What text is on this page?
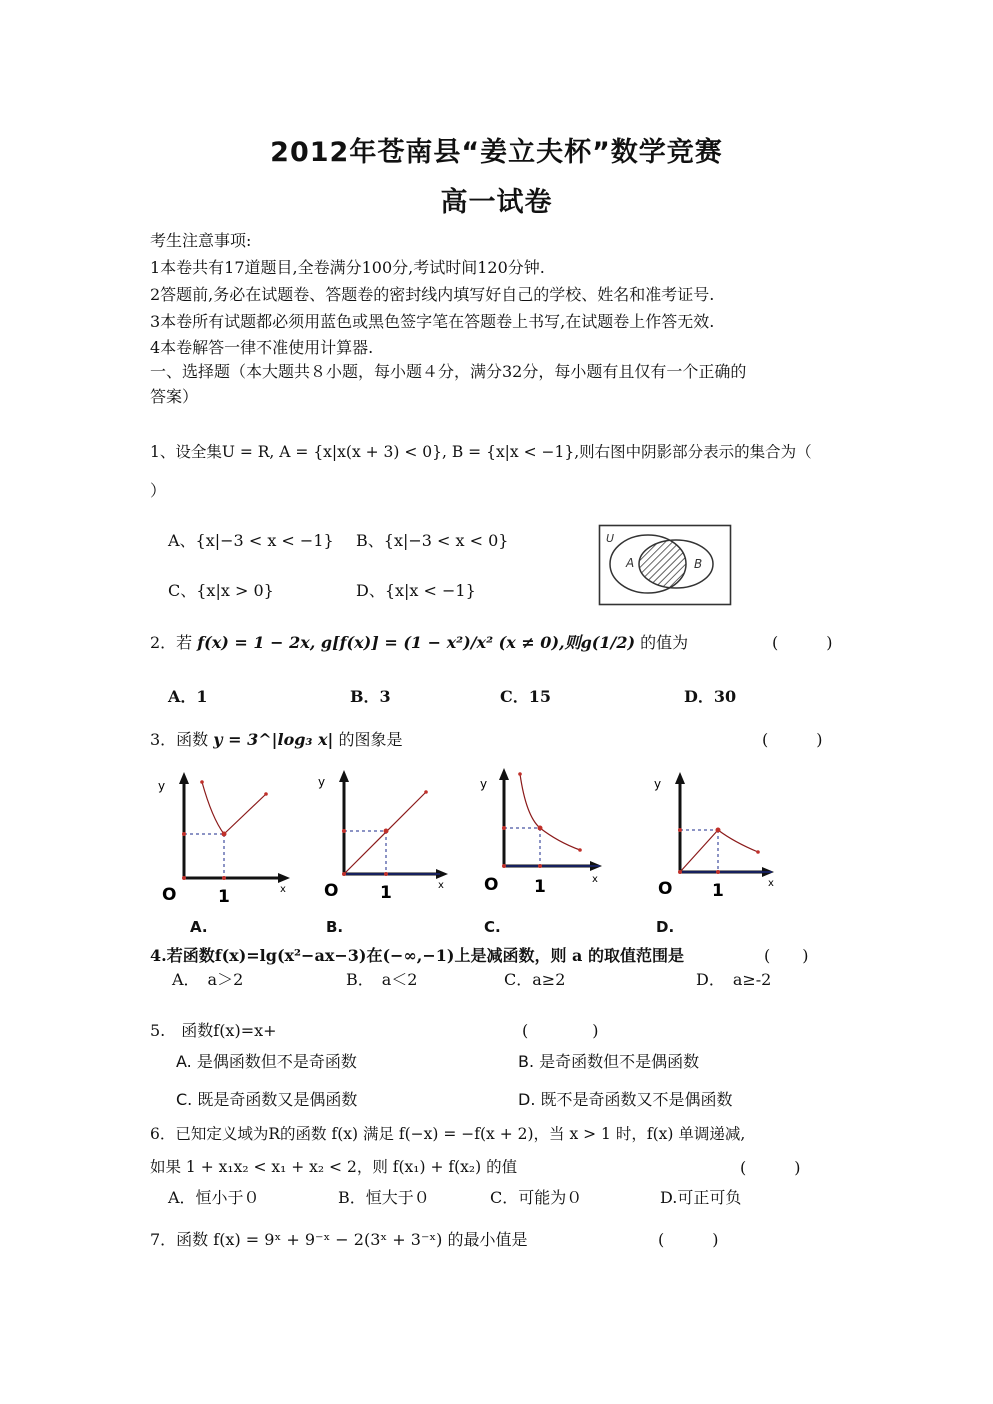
2012年苍南县“姜立夫杯”数学竞赛
高一试卷
考生注意事项:
1本卷共有17道题目,全卷满分100分,考试时间120分钟.
2答题前,务必在试题卷、答题卷的密封线内填写好自己的学校、姓名和准考证号.
3本卷所有试题都必须用蓝色或黑色签字笔在答题卷上书写,在试题卷上作答无效.
4本卷解答一律不准使用计算器.
一、选择题（本大题共８小题，每小题４分，满分32分，每小题有且仅有一个正确的
答案）
1、设全集U = R, A = {x|x(x + 3) < 0}, B = {x|x < −1},则右图中阴影部分表示的集合为（
）
A、{x|−3 < x < −1} B、{x|−3 < x < 0}
C、{x|x > 0}	D、{x|x < −1}
U
A	B
2．若 f(x) = 1 − 2x, g[f(x)] = (1 − x²)/x² (x ≠ 0),则g(1/2) 的值为	(　　　)
A．1	B．3	C．15	D．30
3．函数 y = 3^|log₃ x| 的图象是	(　　　)
y
x
O 1
y
x
O 1
y
x
O 1
y
x
O 1
A.	B.	C.	D.
4.若函数f(x)=lg(x²−ax−3)在(−∞,−1)上是减函数，则 a 的取值范围是	(　　)
A．　a＞2	B．　a＜2	C．a≥2	D．　a≥-2
5.　函数f(x)=x+	(　　　　)
A. 是偶函数但不是奇函数	B. 是奇函数但不是偶函数
C. 既是奇函数又是偶函数	D. 既不是奇函数又不是偶函数
6．已知定义域为R的函数 f(x) 满足 f(−x) = −f(x + 2)，当 x > 1 时，f(x) 单调递减,
如果 1 + x₁x₂ < x₁ + x₂ < 2，则 f(x₁) + f(x₂) 的值	(　　　)
A．恒小于０	B．恒大于０	C．可能为０	D.可正可负
7．函数 f(x) = 9ˣ + 9⁻ˣ − 2(3ˣ + 3⁻ˣ) 的最小值是	(　　　)
